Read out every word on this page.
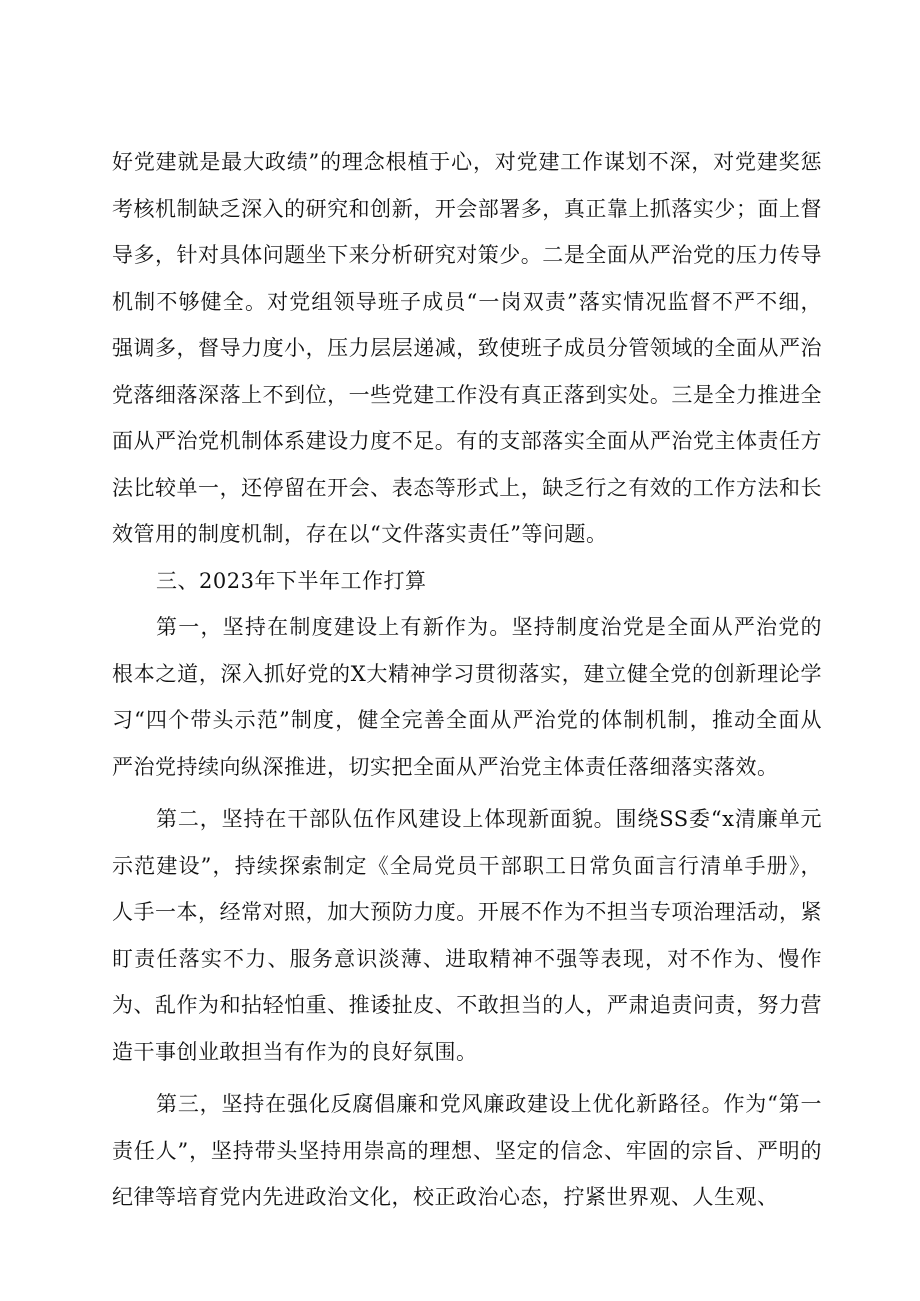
好党建就是最大政绩”的理念根植于心，对党建工作谋划不深，对党建奖惩考核机制缺乏深入的研究和创新，开会部署多，真正靠上抓落实少；面上督导多，针对具体问题坐下来分析研究对策少。二是全面从严治党的压力传导机制不够健全。对党组领导班子成员“一岗双责”落实情况监督不严不细，强调多，督导力度小，压力层层递减，致使班子成员分管领域的全面从严治党落细落深落上不到位，一些党建工作没有真正落到实处。三是全力推进全面从严治党机制体系建设力度不足。有的支部落实全面从严治党主体责任方法比较单一，还停留在开会、表态等形式上，缺乏行之有效的工作方法和长效管用的制度机制，存在以“文件落实责任”等问题。

三、2023年下半年工作打算

第一，坚持在制度建设上有新作为。坚持制度治党是全面从严治党的根本之道，深入抓好党的X大精神学习贯彻落实，建立健全党的创新理论学习“四个带头示范”制度，健全完善全面从严治党的体制机制，推动全面从严治党持续向纵深推进，切实把全面从严治党主体责任落细落实落效。

第二，坚持在干部队伍作风建设上体现新面貌。围绕SS委“x清廉单元示范建设”，持续探索制定《全局党员干部职工日常负面言行清单手册》，人手一本，经常对照，加大预防力度。开展不作为不担当专项治理活动，紧盯责任落实不力、服务意识淡薄、进取精神不强等表现，对不作为、慢作为、乱作为和拈轻怕重、推诿扯皮、不敢担当的人，严肃追责问责，努力营造干事创业敢担当有作为的良好氛围。

第三，坚持在强化反腐倡廉和党风廉政建设上优化新路径。作为“第一责任人”，坚持带头坚持用崇高的理想、坚定的信念、牢固的宗旨、严明的纪律等培育党内先进政治文化，校正政治心态，拧紧世界观、人生观、
